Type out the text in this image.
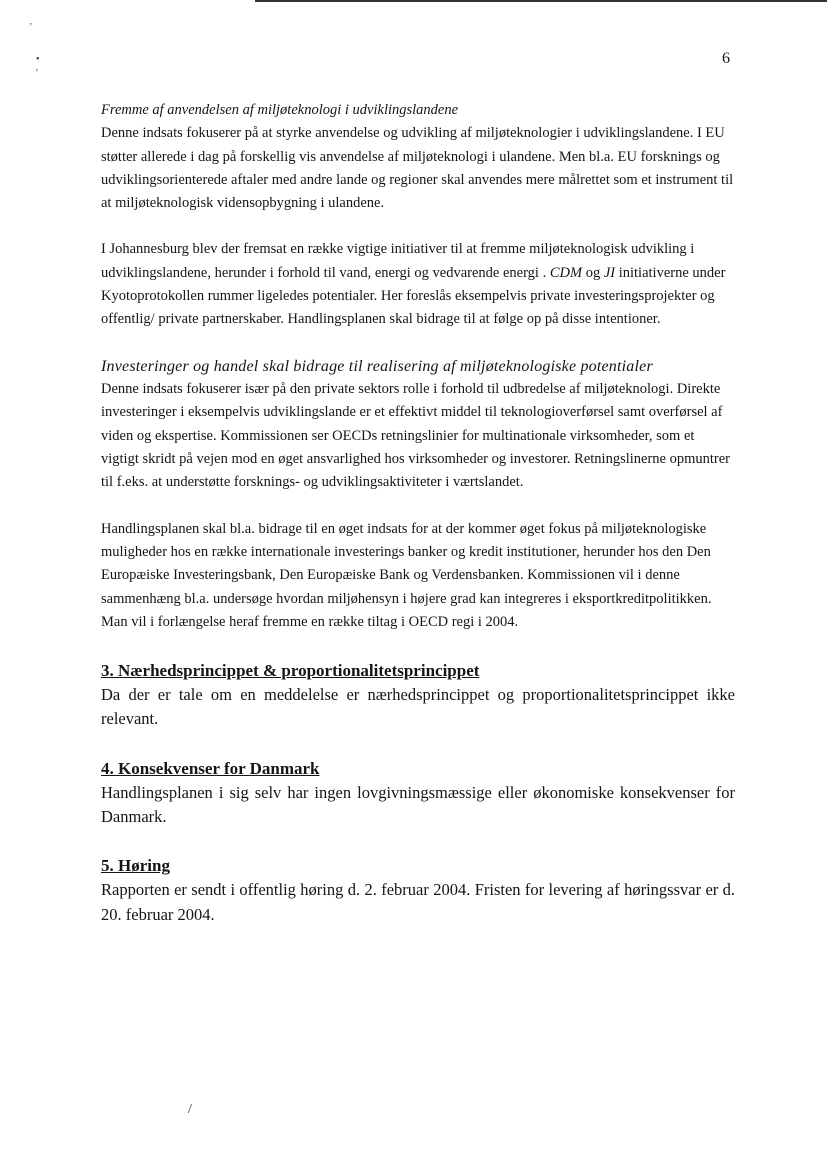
'
•
'
/
6

Fremme af anvendelsen af miljøteknologi i udviklingslandene

Denne indsats fokuserer på at styrke anvendelse og udvikling af miljøteknologier i udviklingslandene. I EU støtter allerede i dag på forskellig vis anvendelse af miljøteknologi i ulandene. Men bl.a. EU forsknings og udviklingsorienterede aftaler med andre lande og regioner skal anvendes mere målrettet som et instrument til at miljøteknologisk vidensopbygning i ulandene.

I Johannesburg blev der fremsat en række vigtige initiativer til at fremme miljøteknologisk udvikling i udviklingslandene, herunder i forhold til vand, energi og vedvarende energi . CDM og JI initiativerne under Kyotoprotokollen rummer ligeledes potentialer. Her foreslås eksempelvis private investeringsprojekter og offentlig/ private partnerskaber. Handlingsplanen skal bidrage til at følge op på disse intentioner.

Investeringer og handel skal bidrage til realisering af miljøteknologiske potentialer

Denne indsats fokuserer især på den private sektors rolle i forhold til udbredelse af miljøteknologi. Direkte investeringer i eksempelvis udviklingslande er et effektivt middel til teknologioverførsel samt overførsel af viden og ekspertise. Kommissionen ser OECDs retningslinier for multinationale virksomheder, som et vigtigt skridt på vejen mod en øget ansvarlighed hos virksomheder og investorer. Retningslinerne opmuntrer til f.eks. at understøtte forsknings- og udviklingsaktiviteter i værtslandet.

Handlingsplanen skal bl.a. bidrage til en øget indsats for at der kommer øget fokus på miljøteknologiske muligheder hos en række internationale investerings banker og kredit institutioner, herunder hos den Den Europæiske Investeringsbank, Den Europæiske Bank og Verdensbanken. Kommissionen vil i denne sammenhæng bl.a. undersøge hvordan miljøhensyn i højere grad kan integreres i eksportkreditpolitikken. Man vil i forlængelse heraf fremme en række tiltag i OECD regi i 2004.

3. Nærhedsprincippet & proportionalitetsprincippet

Da der er tale om en meddelelse er nærhedsprincippet og proportionalitetsprincippet ikke relevant.

4. Konsekvenser for Danmark

Handlingsplanen i sig selv har ingen lovgivningsmæssige eller økonomiske konsekvenser for Danmark.

5. Høring

Rapporten er sendt i offentlig høring d. 2. februar 2004. Fristen for levering af høringssvar er d. 20. februar 2004.
